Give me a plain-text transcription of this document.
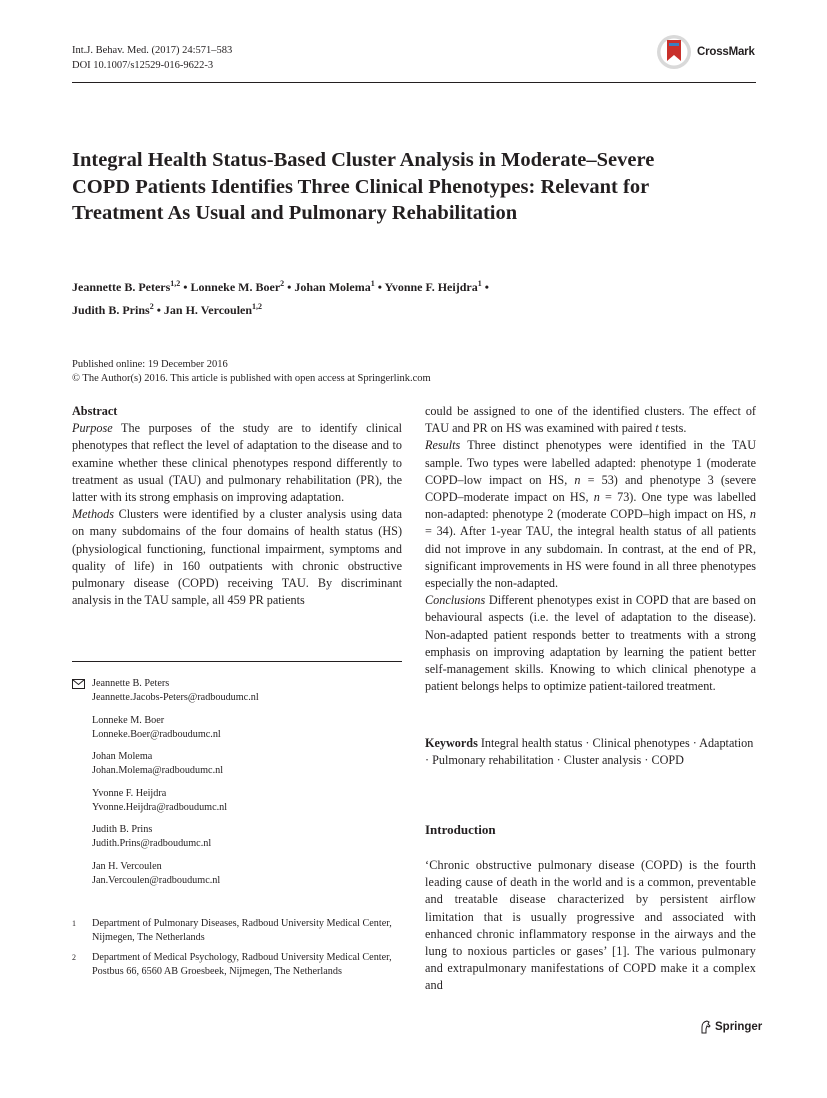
Int.J. Behav. Med. (2017) 24:571–583
DOI 10.1007/s12529-016-9622-3
CrossMark
Integral Health Status-Based Cluster Analysis in Moderate–Severe COPD Patients Identifies Three Clinical Phenotypes: Relevant for Treatment As Usual and Pulmonary Rehabilitation
Jeannette B. Peters$^{1,2}$ • Lonneke M. Boer$^2$ • Johan Molema$^1$ • Yvonne F. Heijdra$^1$ •
Judith B. Prins$^2$ • Jan H. Vercoulen$^{1,2}$
Published online: 19 December 2016
© The Author(s) 2016. This article is published with open access at Springerlink.com
Abstract

Purpose The purposes of the study are to identify clinical phenotypes that reflect the level of adaptation to the disease and to examine whether these clinical phenotypes respond differently to treatment as usual (TAU) and pulmonary rehabilitation (PR), the latter with its strong emphasis on improving adaptation.

Methods Clusters were identified by a cluster analysis using data on many subdomains of the four domains of health status (HS) (physiological functioning, functional impairment, symptoms and quality of life) in 160 outpatients with chronic obstructive pulmonary disease (COPD) receiving TAU. By discriminant analysis in the TAU sample, all 459 PR patients

Jeannette B. Peters
Jeannette.Jacobs-Peters@radboudumc.nl
Lonneke M. Boer
Lonneke.Boer@radboudumc.nl
Johan Molema
Johan.Molema@radboudumc.nl
Yvonne F. Heijdra
Yvonne.Heijdra@radboudumc.nl
Judith B. Prins
Judith.Prins@radboudumc.nl
Jan H. Vercoulen
Jan.Vercoulen@radboudumc.nl
1	Department of Pulmonary Diseases, Radboud University Medical Center, Nijmegen, The Netherlands
2	Department of Medical Psychology, Radboud University Medical Center, Postbus 66, 6560 AB Groesbeek, Nijmegen, The Netherlands

could be assigned to one of the identified clusters. The effect of TAU and PR on HS was examined with paired t tests.

Results Three distinct phenotypes were identified in the TAU sample. Two types were labelled adapted: phenotype 1 (moderate COPD–low impact on HS, n = 53) and phenotype 3 (severe COPD–moderate impact on HS, n = 73). One type was labelled non-adapted: phenotype 2 (moderate COPD–high impact on HS, n = 34). After 1-year TAU, the integral health status of all patients did not improve in any subdomain. In contrast, at the end of PR, significant improvements in HS were found in all three phenotypes especially the non-adapted.

Conclusions Different phenotypes exist in COPD that are based on behavioural aspects (i.e. the level of adaptation to the disease). Non-adapted patient responds better to treatments with a strong emphasis on improving adaptation by learning the patient better self-management skills. Knowing to which clinical phenotype a patient belongs helps to optimize patient-tailored treatment.

Keywords Integral health status · Clinical phenotypes · Adaptation · Pulmonary rehabilitation · Cluster analysis · COPD
Introduction
‘Chronic obstructive pulmonary disease (COPD) is the fourth leading cause of death in the world and is a common, preventable and treatable disease characterized by persistent airflow limitation that is usually progressive and associated with enhanced chronic inflammatory response in the airways and the lung to noxious particles or gases’ [1]. The various pulmonary and extrapulmonary manifestations of COPD make it a complex and
Springer
